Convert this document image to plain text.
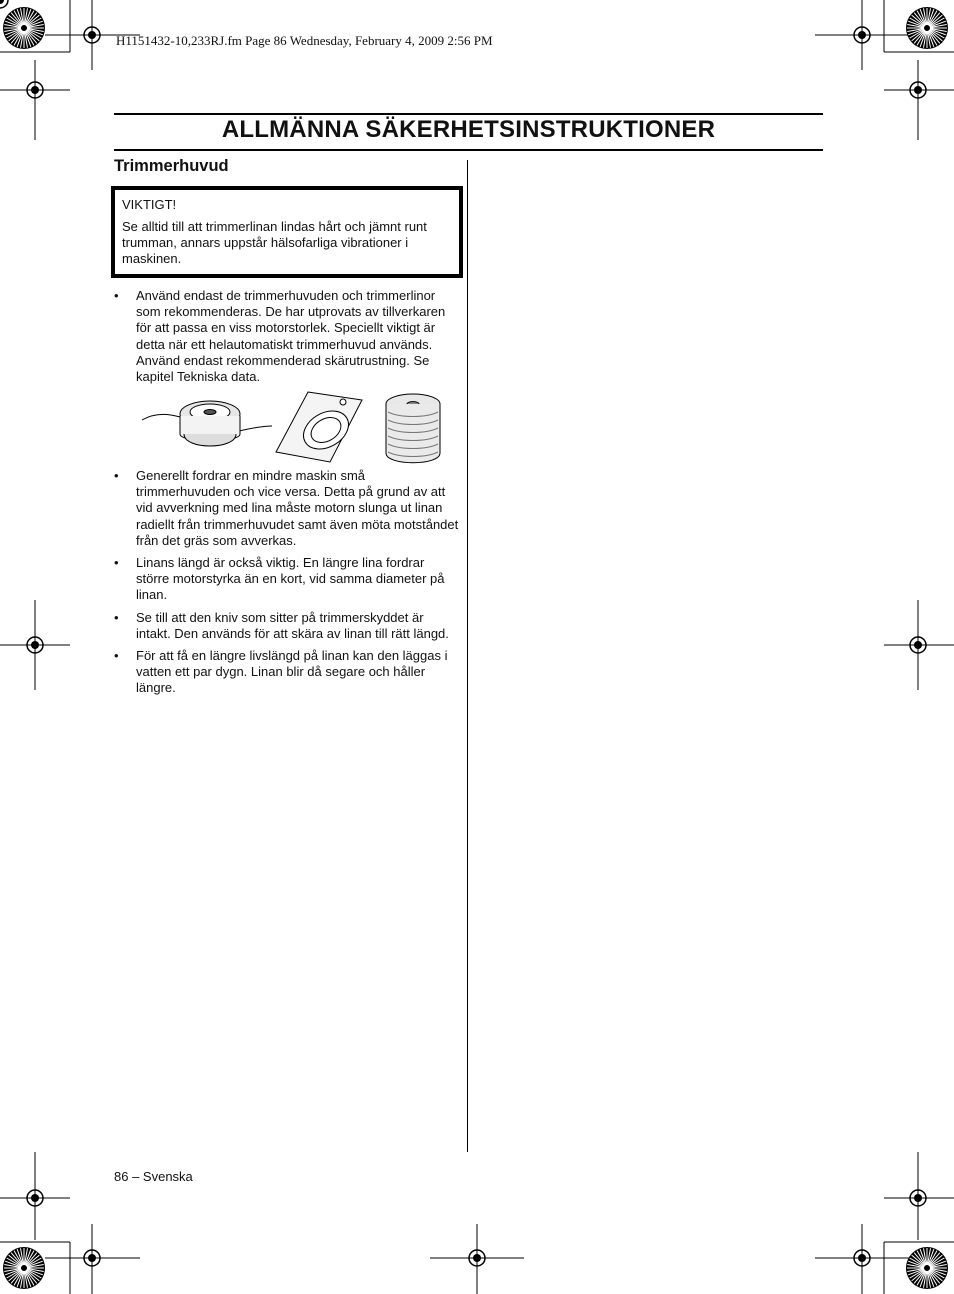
H1151432-10,233RJ.fm Page 86 Wednesday, February 4, 2009 2:56 PM
ALLMÄNNA SÄKERHETSINSTRUKTIONER
Trimmerhuvud
VIKTIGT!
Se alltid till att trimmerlinan lindas hårt och jämnt runt trumman, annars uppstår hälsofarliga vibrationer i maskinen.
•	Använd endast de trimmerhuvuden och trimmerlinor som rekommenderas. De har utprovats av tillverkaren för att passa en viss motorstorlek. Speciellt viktigt är detta när ett helautomatiskt trimmerhuvud används. Använd endast rekommenderad skärutrustning. Se kapitel Tekniska data.
•	Generellt fordrar en mindre maskin små trimmerhuvuden och vice versa. Detta på grund av att vid avverkning med lina måste motorn slunga ut linan radiellt från trimmerhuvudet samt även möta motståndet från det gräs som avverkas.
•	Linans längd är också viktig. En längre lina fordrar större motorstyrka än en kort, vid samma diameter på linan.
•	Se till att den kniv som sitter på trimmerskyddet är intakt. Den används för att skära av linan till rätt längd.
•	För att få en längre livslängd på linan kan den läggas i vatten ett par dygn. Linan blir då segare och håller längre.
86 – Svenska
